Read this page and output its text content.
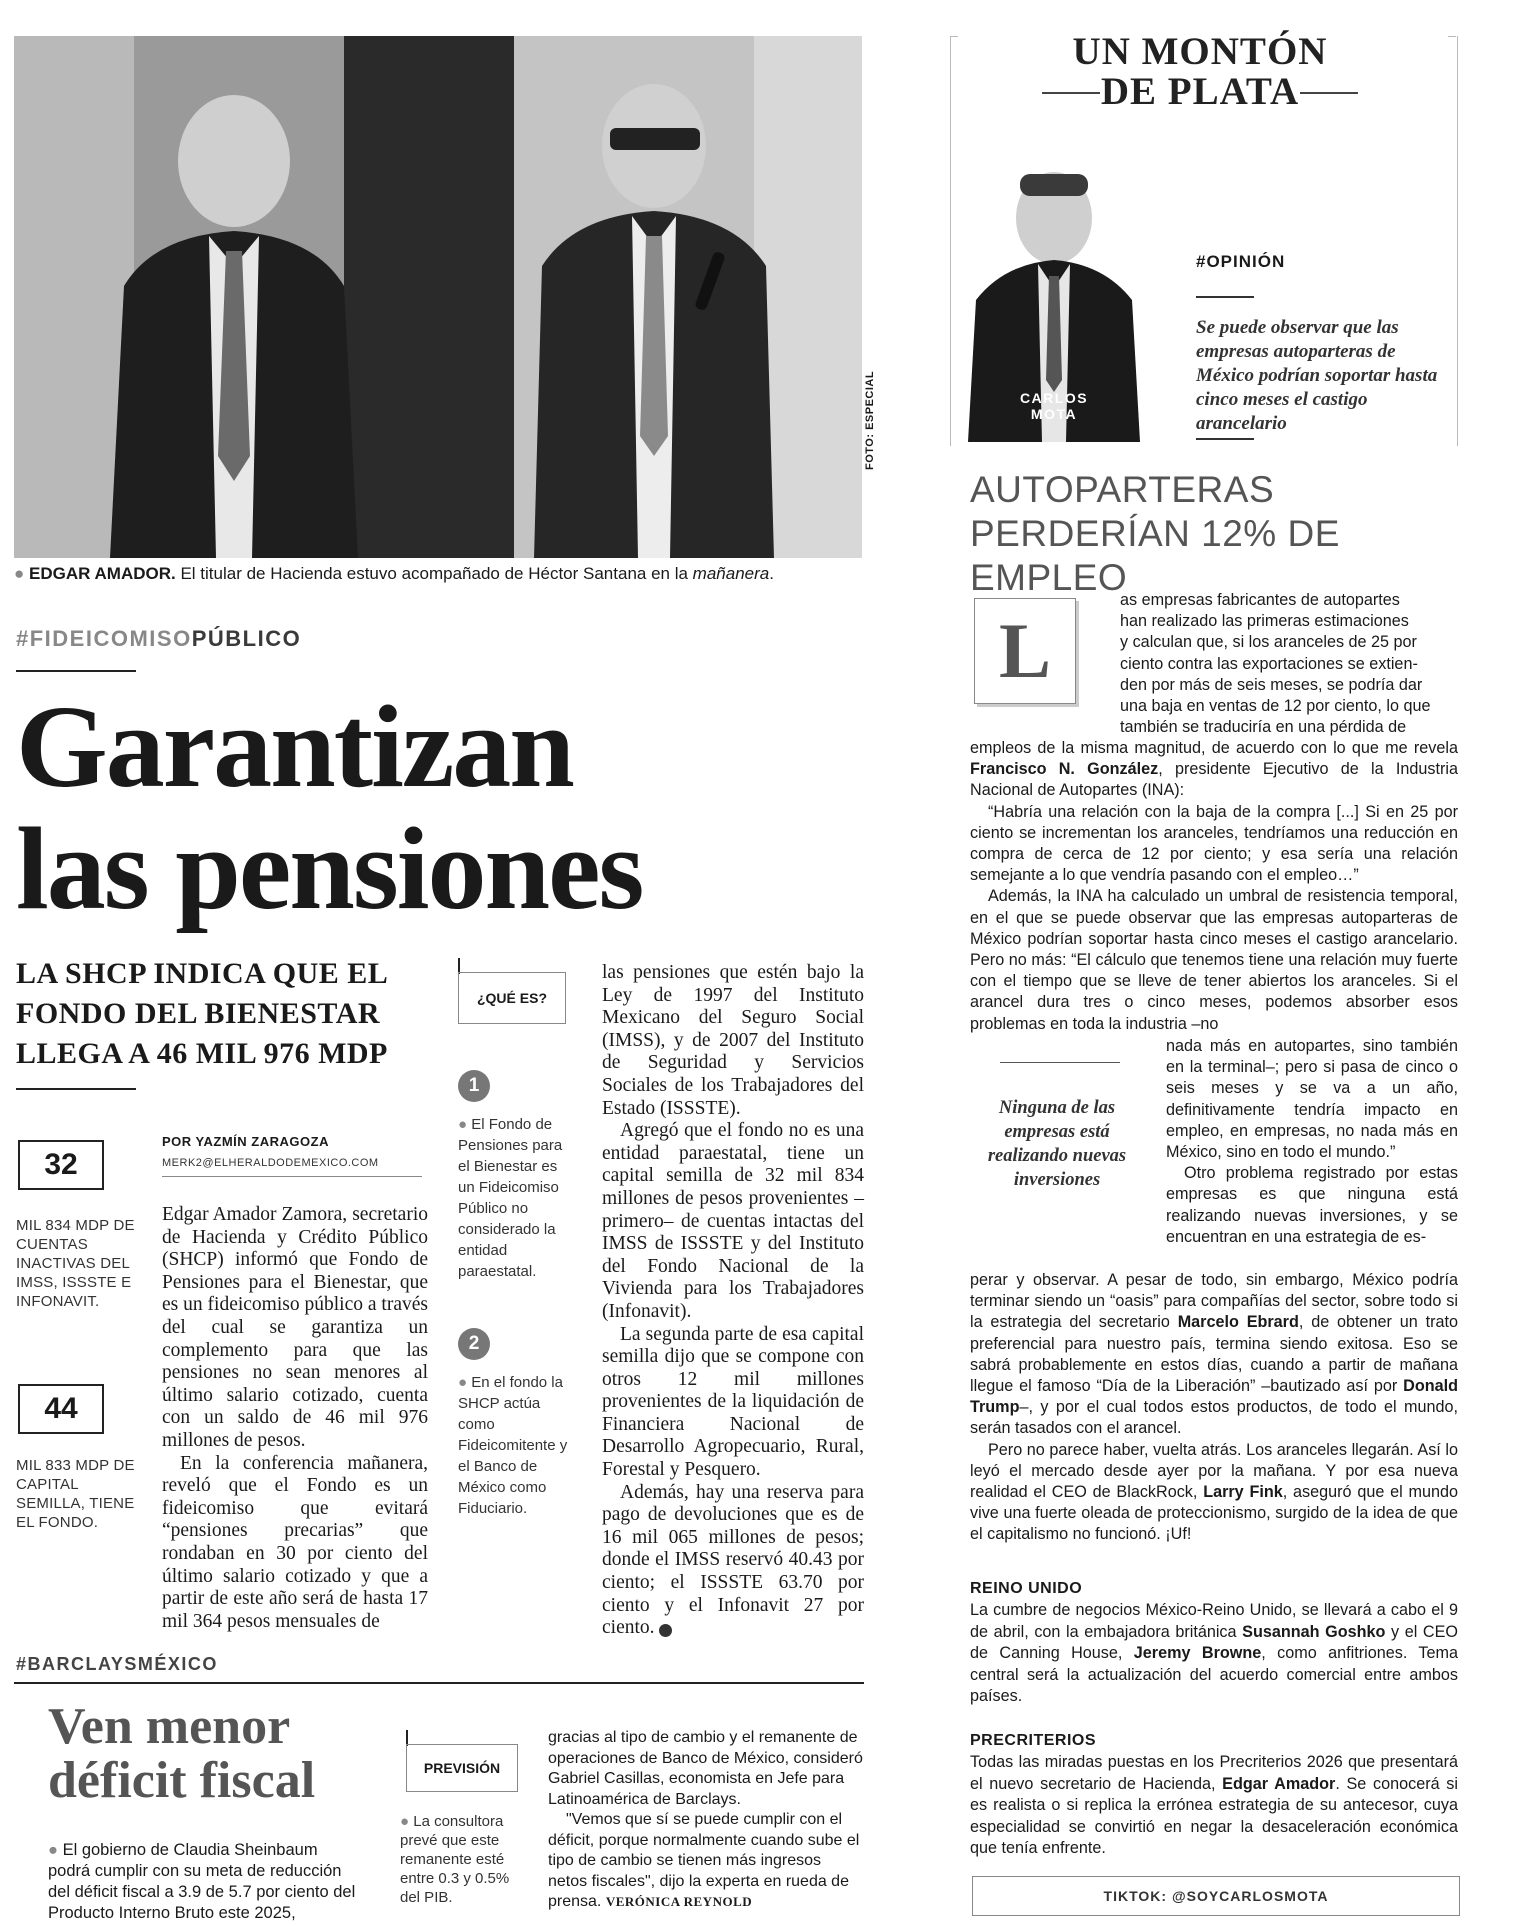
FOTO: ESPECIAL
● EDGAR AMADOR. El titular de Hacienda estuvo acompañado de Héctor Santana en la mañanera.
#FIDEICOMISOPÚBLICO
Garantizan
las pensiones
LA SHCP INDICA QUE EL FONDO DEL BIENESTAR LLEGA A 46 MIL 976 MDP
32
MIL 834 MDP DE CUENTAS INACTIVAS DEL IMSS, ISSSTE E INFONAVIT.
44
MIL 833 MDP DE CAPITAL SEMILLA, TIENE EL FONDO.
POR YAZMÍN ZARAGOZA
MERK2@ELHERALDODEMEXICO.COM

Edgar Amador Zamora, secretario de Hacienda y Crédito Público (SHCP) informó que Fondo de Pensiones para el Bienestar, que es un fideicomiso público a través del cual se garantiza un complemento para que las pensiones no sean menores al último salario cotizado, cuenta con un saldo de 46 mil 976 millones de pesos.

En la conferencia mañanera, reveló que el Fondo es un fideicomiso que evitará “pensiones precarias” que rondaban en 30 por ciento del último salario cotizado y que a partir de este año será de hasta 17 mil 364 pesos mensuales de

¿QUÉ ES?
1
● El Fondo de Pensiones para el Bienestar es un Fideicomiso Público no considerado la entidad paraestatal.
2
● En el fondo la SHCP actúa como Fideicomitente y el Banco de México como Fiduciario.

las pensiones que estén bajo la Ley de 1997 del Instituto Mexicano del Seguro Social (IMSS), y de 2007 del Instituto de Seguridad y Servicios Sociales de los Trabajadores del Estado (ISSSTE).

Agregó que el fondo no es una entidad paraestatal, tiene un capital semilla de 32 mil 834 millones de pesos provenientes –primero– de cuentas intactas del IMSS de ISSSTE y del Instituto del Fondo Nacional de la Vivienda para los Trabajadores (Infonavit).

La segunda parte de esa capital semilla dijo que se compone con otros 12 mil millones provenientes de la liquidación de Financiera Nacional de Desarrollo Agropecuario, Rural, Forestal y Pesquero.

Además, hay una reserva para pago de devoluciones que es de 16 mil 065 millones de pesos; donde el IMSS reservó 40.43 por ciento; el ISSSTE 63.70 por ciento y el Infonavit 27 por ciento.	H

#BARCLAYSMÉXICO
Ven menor
déficit fiscal
● El gobierno de Claudia Sheinbaum podrá cumplir con su meta de reducción del déficit fiscal a 3.9 de 5.7 por ciento del Producto Interno Bruto este 2025,
PREVISIÓN
● La consultora prevé que este remanente esté entre 0.3 y 0.5% del PIB.

gracias al tipo de cambio y el remanente de operaciones de Banco de México, consideró Gabriel Casillas, economista en Jefe para Latinoamérica de Barclays.

"Vemos que sí se puede cumplir con el déficit, porque normalmente cuando sube el tipo de cambio se tienen más ingresos netos fiscales", dijo la experta en rueda de prensa. VERÓNICA REYNOLD

UN MONTÓN
DE PLATA
CARLOS
MOTA
#OPINIÓN
Se puede observar que las empresas autoparteras de México podrían soportar hasta cinco meses el castigo arancelario
AUTOPARTERAS
PERDERÍAN 12% DE EMPLEO
L
as empresas fabricantes de autopartes
han realizado las primeras estimaciones
y calculan que, si los aranceles de 25 por
ciento contra las exportaciones se extien-
den por más de seis meses, se podría dar
una baja en ventas de 12 por ciento, lo que
también se traduciría en una pérdida de

empleos de la misma magnitud, de acuerdo con lo que me revela Francisco N. González, presidente Ejecutivo de la Industria Nacional de Autopartes (INA):

“Habría una relación con la baja de la compra [...] Si en 25 por ciento se incrementan los aranceles, tendríamos una reducción en compra de cerca de 12 por ciento; y esa sería una relación semejante a lo que vendría pasando con el empleo…”

Además, la INA ha calculado un umbral de resistencia temporal, en el que se puede observar que las empresas autoparteras de México podrían soportar hasta cinco meses el castigo arancelario. Pero no más: “El cálculo que tenemos tiene una relación muy fuerte con el tiempo que se lleve de tener abiertos los aranceles. Si el arancel dura tres o cinco meses, podemos absorber esos problemas en toda la industria –no

Ninguna de las empresas está realizando nuevas inversiones

nada más en autopartes, sino también en la terminal–; pero si pasa de cinco o seis meses y se va a un año, definitivamente tendría impacto en empleo, en empresas, no nada más en México, sino en todo el mundo.”

Otro problema registrado por estas empresas es que ninguna está realizando nuevas inversiones, y se encuentran en una estrategia de es-

perar y observar. A pesar de todo, sin embargo, México podría terminar siendo un “oasis” para compañías del sector, sobre todo si la estrategia del secretario Marcelo Ebrard, de obtener un trato preferencial para nuestro país, termina siendo exitosa. Eso se sabrá probablemente en estos días, cuando a partir de mañana llegue el famoso “Día de la Liberación” –bautizado así por Donald Trump–, y por el cual todos estos productos, de todo el mundo, serán tasados con el arancel.

Pero no parece haber, vuelta atrás. Los aranceles llegarán. Así lo leyó el mercado desde ayer por la mañana. Y por esa nueva realidad el CEO de BlackRock, Larry Fink, aseguró que el mundo vive una fuerte oleada de proteccionismo, surgido de la idea de que el capitalismo no funcionó. ¡Uf!

REINO UNIDO
La cumbre de negocios México-Reino Unido, se llevará a cabo el 9 de abril, con la embajadora británica Susannah Goshko y el CEO de Canning House, Jeremy Browne, como anfitriones. Tema central será la actualización del acuerdo comercial entre ambos países.
PRECRITERIOS
Todas las miradas puestas en los Precriterios 2026 que presentará el nuevo secretario de Hacienda, Edgar Amador. Se conocerá si es realista o si replica la errónea estrategia de su antecesor, cuya especialidad se convirtió en negar la desaceleración económica que tenía enfrente.
TIKTOK: @SOYCARLOSMOTA
